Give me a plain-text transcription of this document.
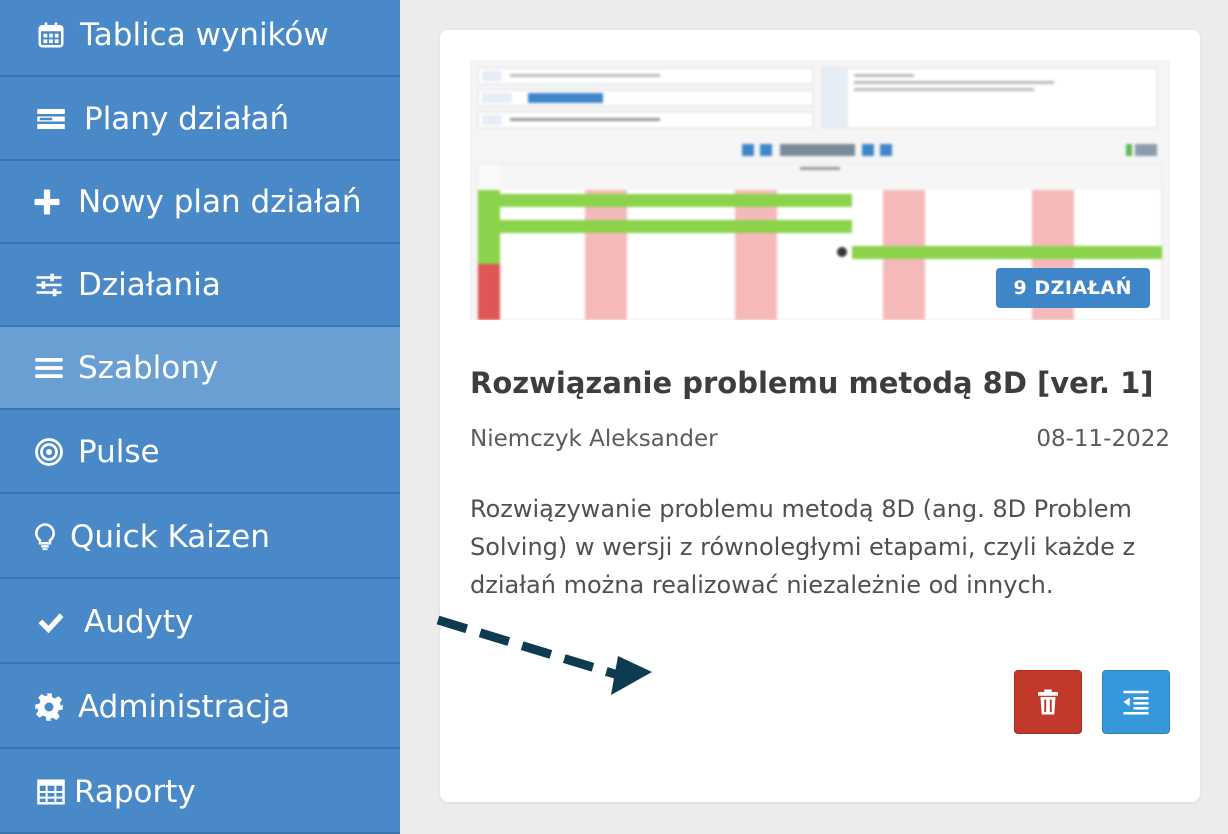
Tablica wyników
Plany działań
Nowy plan działań
Działania
Szablony
Pulse
Quick Kaizen
Audyty
Administracja
Raporty
9 DZIAŁAŃ
Rozwiązanie problemu metodą 8D [ver. 1]
Niemczyk Aleksander	08-11-2022
Rozwiązywanie problemu metodą 8D (ang. 8D Problem Solving) w wersji z równoległymi etapami, czyli każde z działań można realizować niezależnie od innych.
